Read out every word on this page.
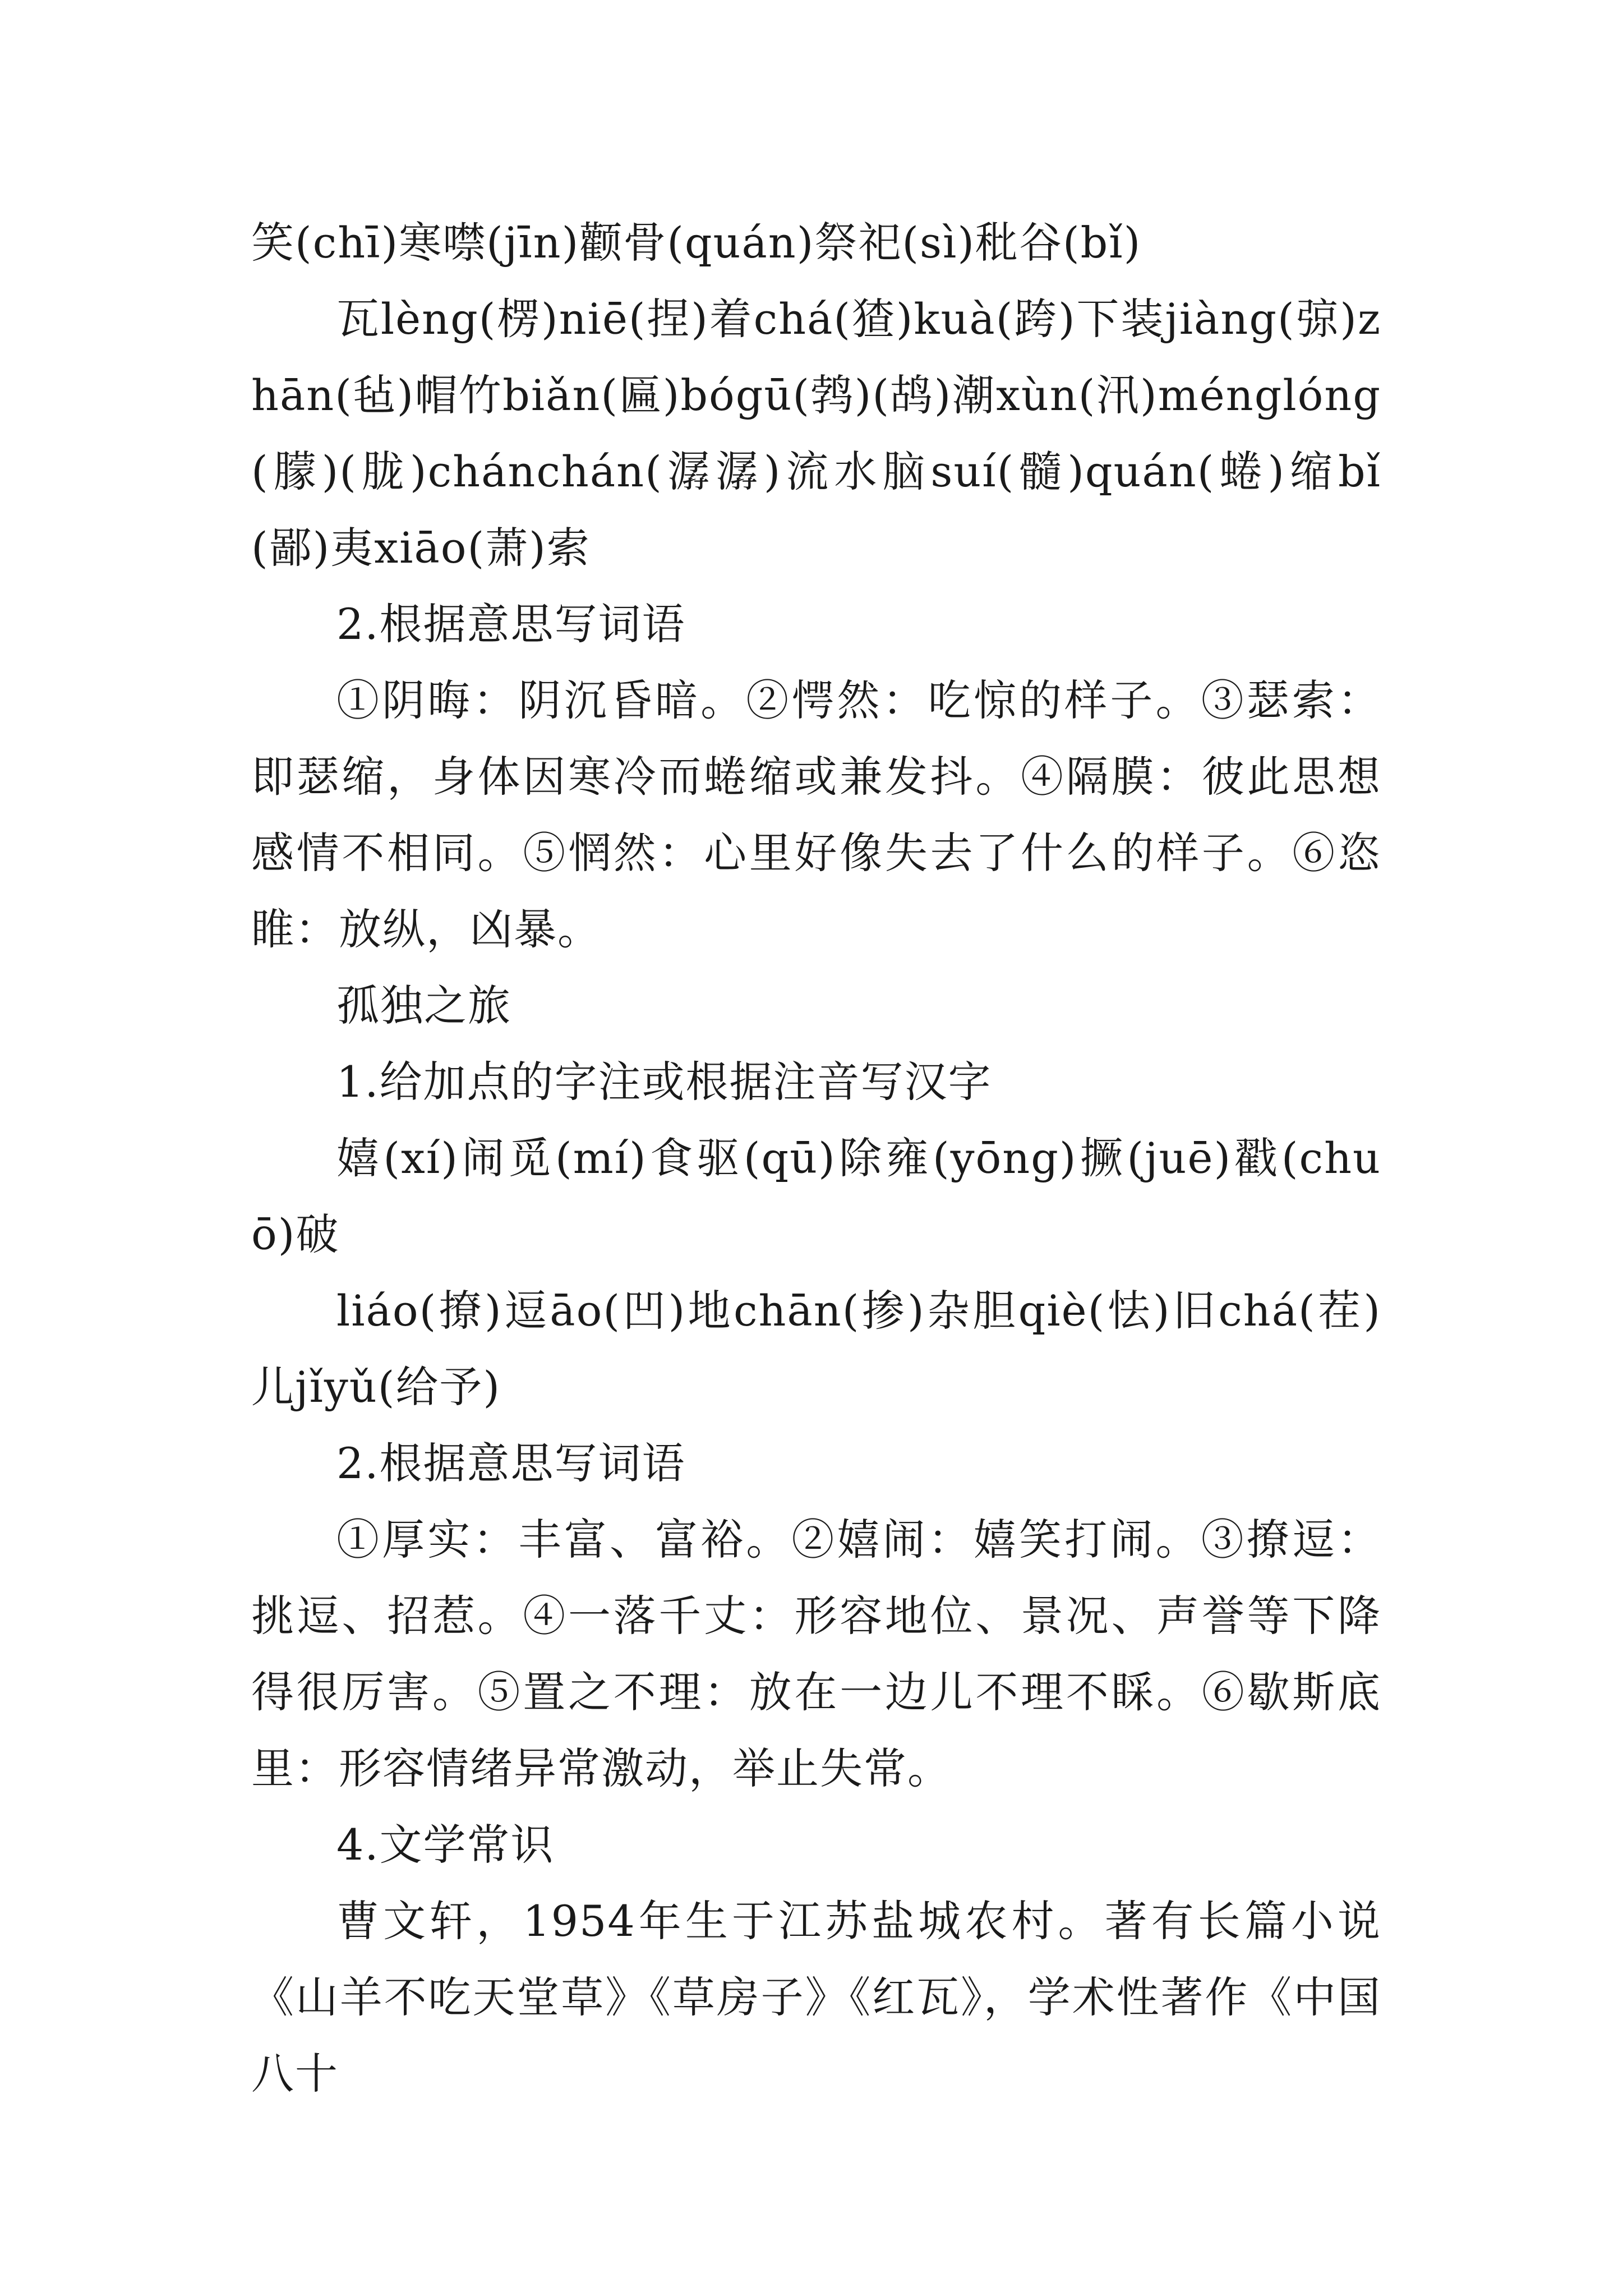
笑(chī)寒噤(jīn)颧骨(quán)祭祀(sì)秕谷(bǐ)

瓦lèng(楞)niē(捏)着chá(猹)kuà(跨)下装jiàng(弶)zhān(毡)帽竹biǎn(匾)bógū(鹁)(鸪)潮xùn(汛)ménglóng(朦)(胧)chánchán(潺潺)流水脑suí(髓)quán(蜷)缩bǐ(鄙)夷xiāo(萧)索

2.根据意思写词语

①阴晦：阴沉昏暗。②愕然：吃惊的样子。③瑟索：即瑟缩，身体因寒冷而蜷缩或兼发抖。④隔膜：彼此思想感情不相同。⑤惘然：心里好像失去了什么的样子。⑥恣睢：放纵，凶暴。

孤独之旅

1.给加点的字注或根据注音写汉字

嬉(xí)闹觅(mí)食驱(qū)除雍(yōng)撅(juē)戳(chuō)破

liáo(撩)逗āo(凹)地chān(掺)杂胆qiè(怯)旧chá(茬)儿jǐyǔ(给予)

2.根据意思写词语

①厚实：丰富、富裕。②嬉闹：嬉笑打闹。③撩逗：挑逗、招惹。④一落千丈：形容地位、景况、声誉等下降得很厉害。⑤置之不理：放在一边儿不理不睬。⑥歇斯底里：形容情绪异常激动，举止失常。

4.文学常识

曹文轩，1954年生于江苏盐城农村。著有长篇小说《山羊不吃天堂草》《草房子》《红瓦》，学术性著作《中国八十
